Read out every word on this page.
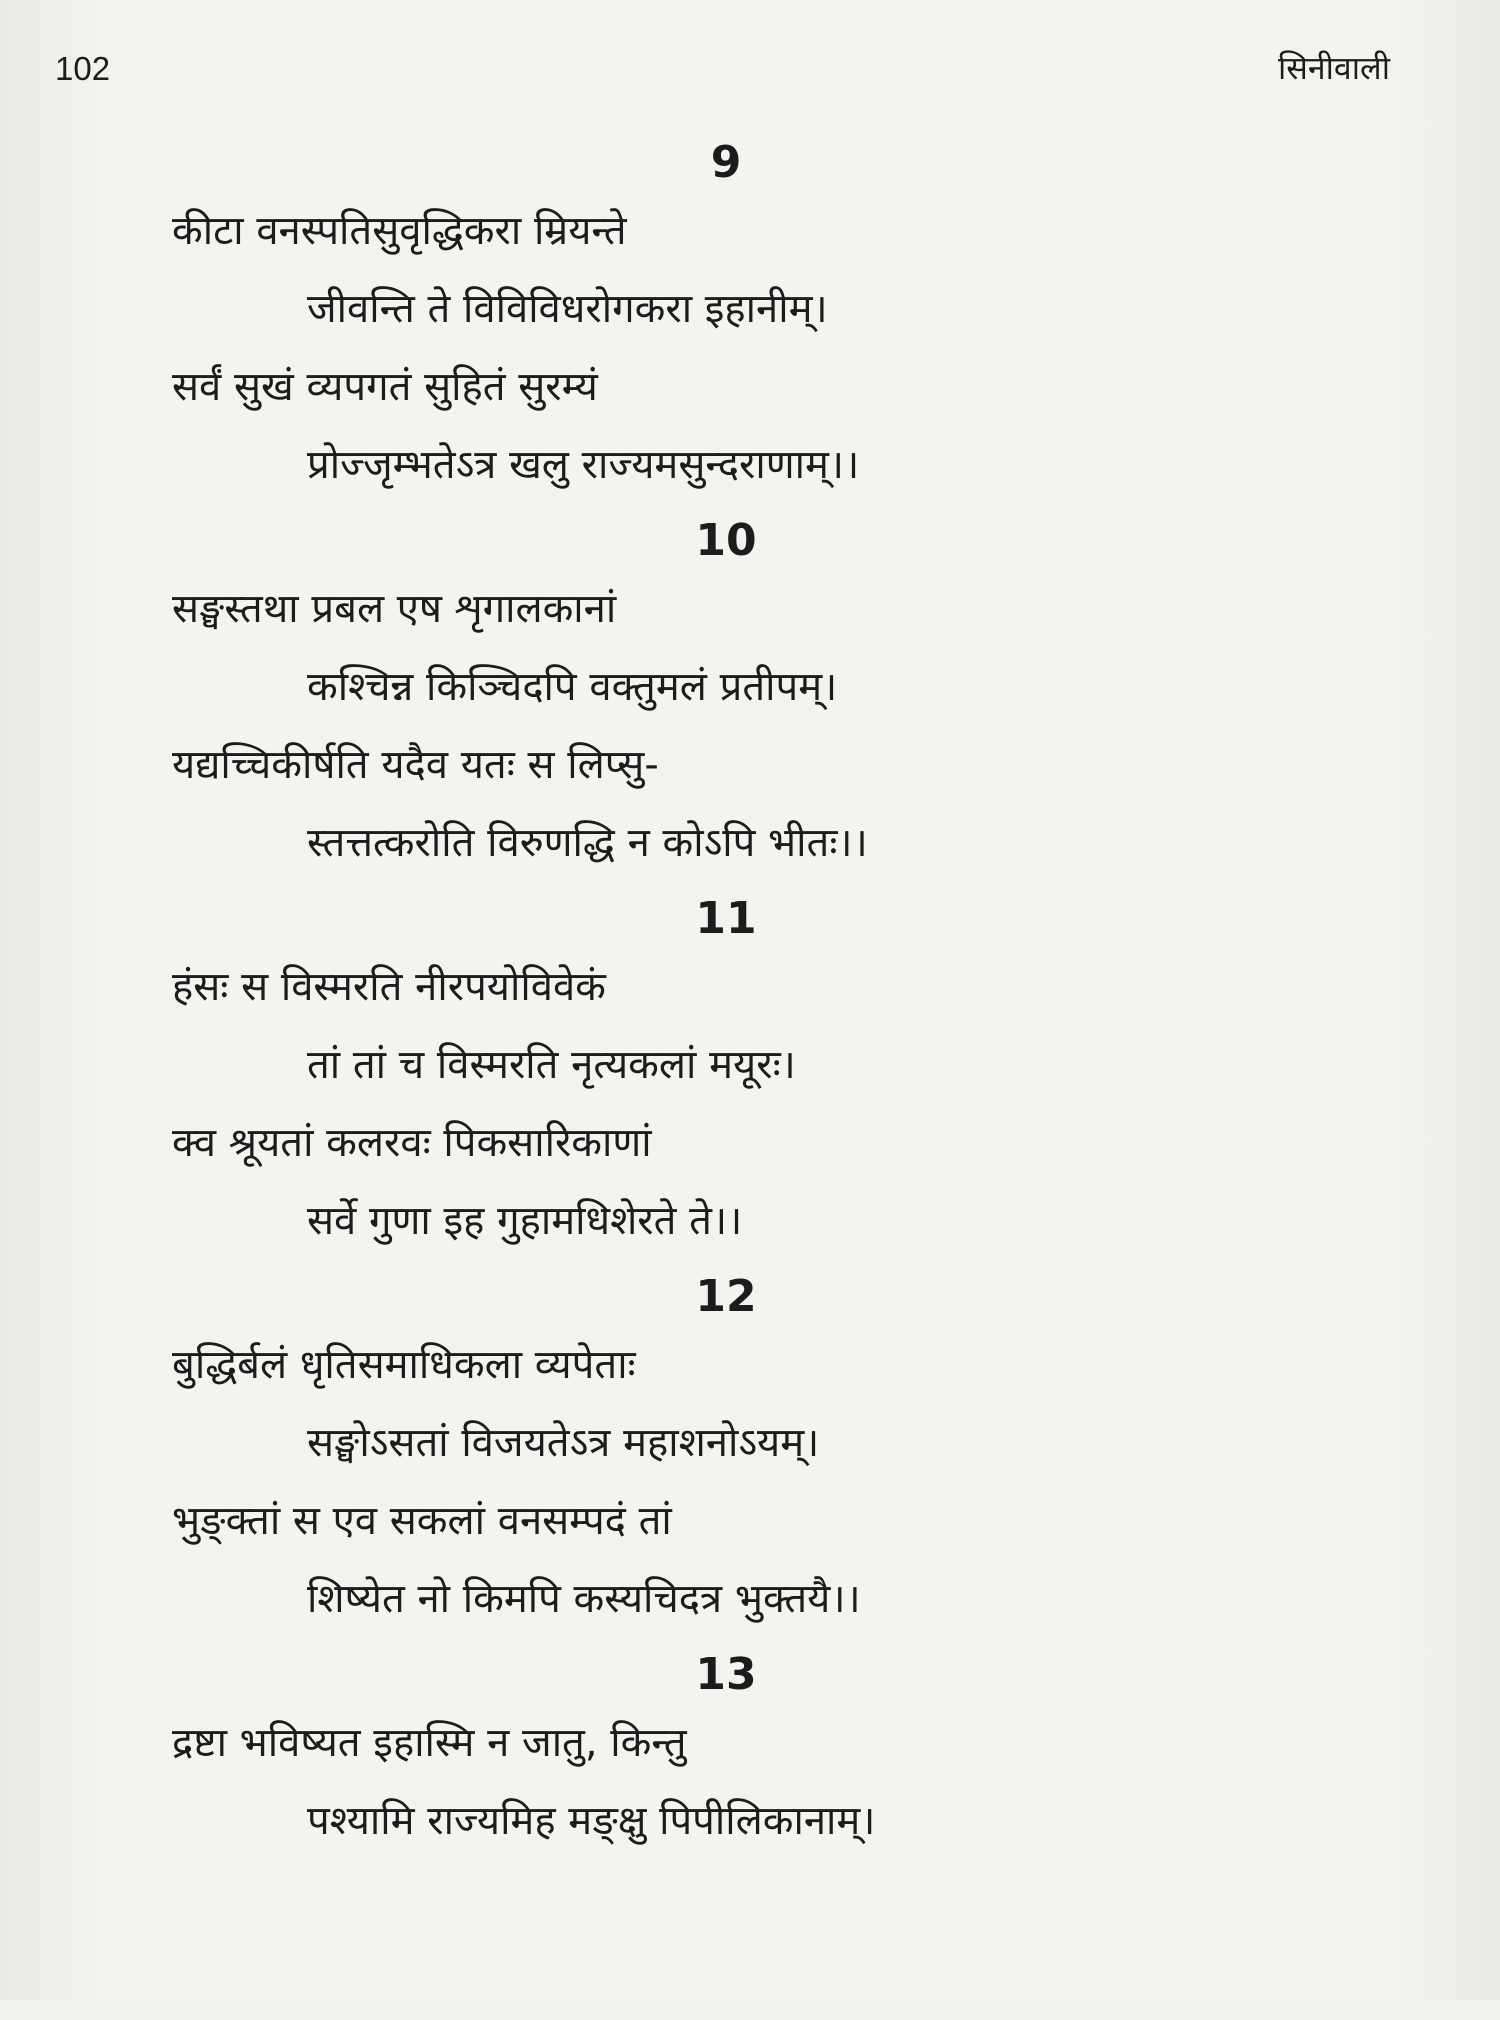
102	सिनीवाली
9
कीटा वनस्पतिसुवृद्धिकरा म्रियन्ते
जीवन्ति ते विविविधरोगकरा इहानीम्।
सर्वं सुखं व्यपगतं सुहितं सुरम्यं
प्रोज्जृम्भतेऽत्र खलु राज्यमसुन्दराणाम्।।
10
सङ्घस्तथा प्रबल एष शृगालकानां
कश्चिन्न किञ्चिदपि वक्तुमलं प्रतीपम्।
यद्यच्चिकीर्षति यदैव यतः स लिप्सु-
स्तत्तत्करोति विरुणद्धि न कोऽपि भीतः।।
11
हंसः स विस्मरति नीरपयोविवेकं
तां तां च विस्मरति नृत्यकलां मयूरः।
क्व श्रूयतां कलरवः पिकसारिकाणां
सर्वे गुणा इह गुहामधिशेरते ते।।
12
बुद्धिर्बलं धृतिसमाधिकला व्यपेताः
सङ्घोऽसतां विजयतेऽत्र महाशनोऽयम्।
भुङ्क्तां स एव सकलां वनसम्पदं तां
शिष्येत नो किमपि कस्यचिदत्र भुक्तयै।।
13
द्रष्टा भविष्यत इहास्मि न जातु, किन्तु
पश्यामि राज्यमिह मङ्क्षु पिपीलिकानाम्।
